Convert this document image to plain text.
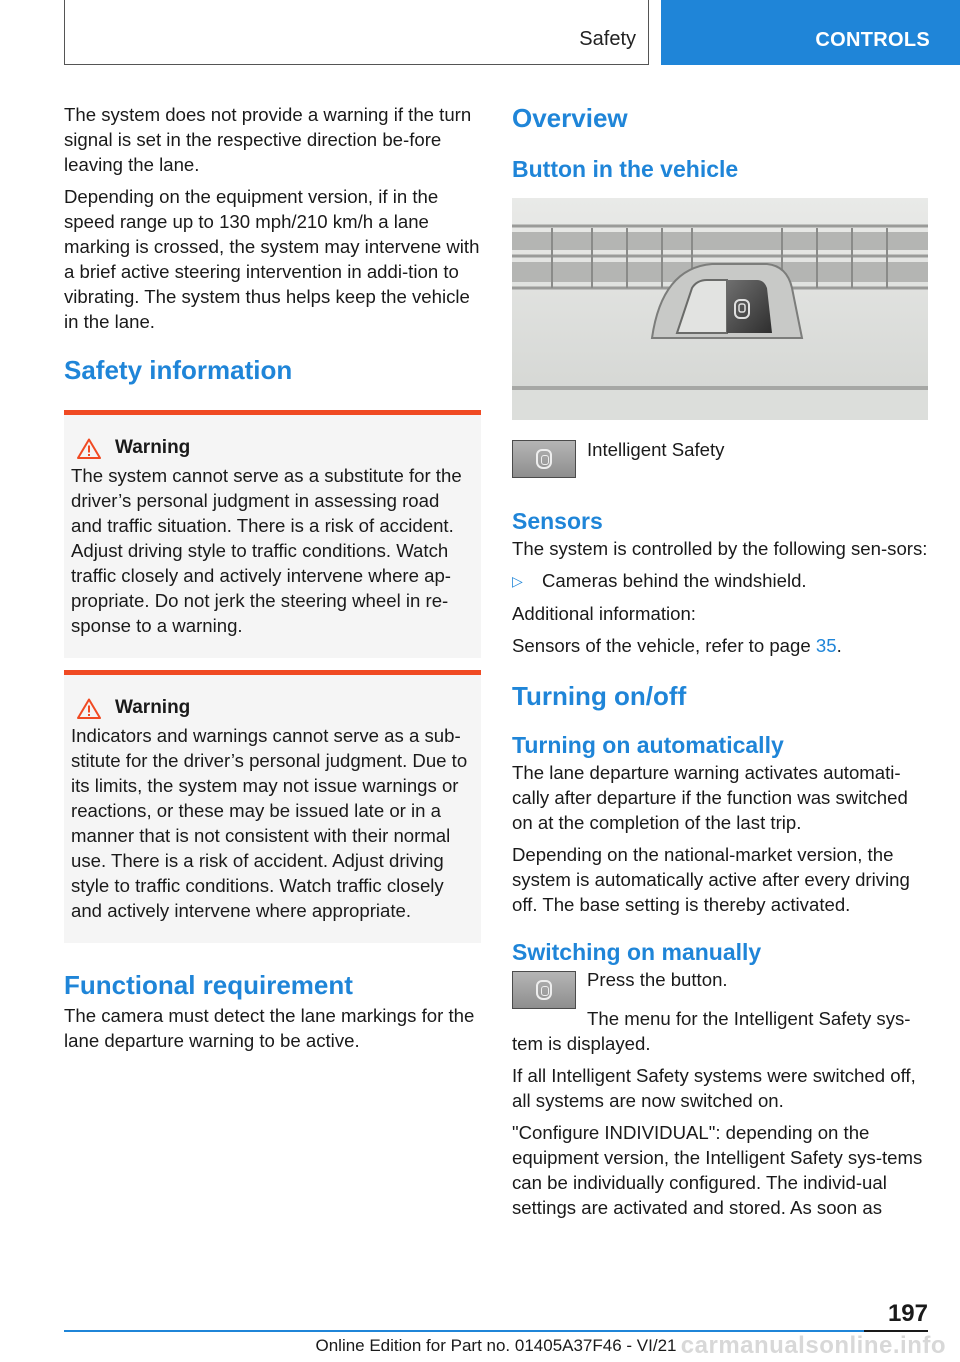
Safety	CONTROLS

The system does not provide a warning if the turn signal is set in the respective direction be-fore leaving the lane.

Depending on the equipment version, if in the speed range up to 130 mph/210 km/h a lane marking is crossed, the system may intervene with a brief active steering intervention in addi-tion to vibrating. The system thus helps keep the vehicle in the lane.

Safety information
Warning

The system cannot serve as a substitute for the driver’s personal judgment in assessing road and traffic situation. There is a risk of accident. Adjust driving style to traffic conditions. Watch traffic closely and actively intervene where ap-propriate. Do not jerk the steering wheel in re-sponse to a warning.

Warning

Indicators and warnings cannot serve as a sub-stitute for the driver’s personal judgment. Due to its limits, the system may not issue warnings or reactions, or these may be issued late or in a manner that is not consistent with their normal use. There is a risk of accident. Adjust driving style to traffic conditions. Watch traffic closely and actively intervene where appropriate.

Functional requirement

The camera must detect the lane markings for the lane departure warning to be active.

Overview
Button in the vehicle

Intelligent Safety

Sensors

The system is controlled by the following sen-sors:

▷	Cameras behind the windshield.

Additional information:

Sensors of the vehicle, refer to page 35.

Turning on/off
Turning on automatically

The lane departure warning activates automati-cally after departure if the function was switched on at the completion of the last trip.

Depending on the national-market version, the system is automatically active after every driving off. The base setting is thereby activated.

Switching on manually

Press the button.

The menu for the Intelligent Safety sys-tem is displayed.

If all Intelligent Safety systems were switched off, all systems are now switched on.

"Configure INDIVIDUAL": depending on the equipment version, the Intelligent Safety sys-tems can be individually configured. The individ-ual settings are activated and stored. As soon as

197
Online Edition for Part no. 01405A37F46 - VI/21 carmanualsonline.info
